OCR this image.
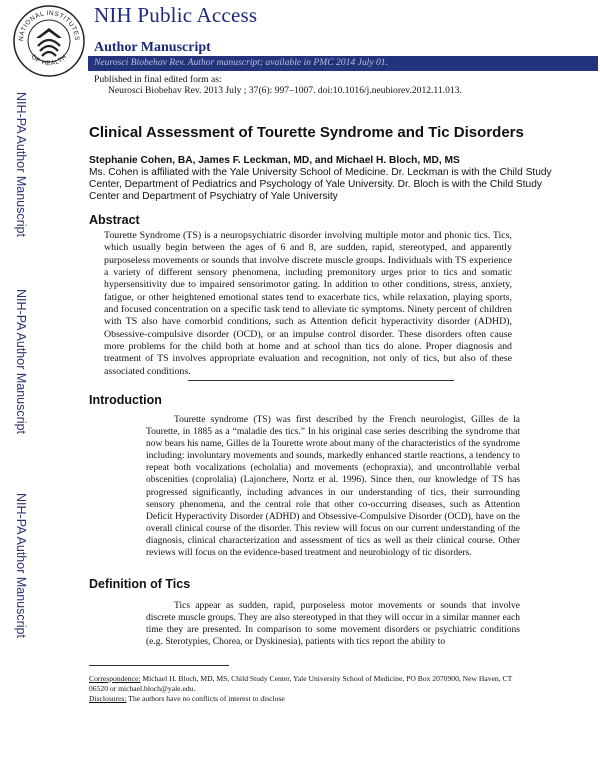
NATIONAL INSTITUTES
OF HEALTH
NIH Public Access
Author Manuscript
Neurosci Biobehav Rev. Author manuscript; available in PMC 2014 July 01.
Published in final edited form as:
Neurosci Biobehav Rev. 2013 July ; 37(6): 997–1007. doi:10.1016/j.neubiorev.2012.11.013.
NIH-PA Author Manuscript
NIH-PA Author Manuscript
NIH-PA Author Manuscript
Clinical Assessment of Tourette Syndrome and Tic Disorders
Stephanie Cohen, BA, James F. Leckman, MD, and Michael H. Bloch, MD, MS
Ms. Cohen is affiliated with the Yale University School of Medicine. Dr. Leckman is with the Child Study Center, Department of Pediatrics and Psychology of Yale University. Dr. Bloch is with the Child Study Center and Department of Psychiatry of Yale University
Abstract
Tourette Syndrome (TS) is a neuropsychiatric disorder involving multiple motor and phonic tics. Tics, which usually begin between the ages of 6 and 8, are sudden, rapid, stereotyped, and apparently purposeless movements or sounds that involve discrete muscle groups. Individuals with TS experience a variety of different sensory phenomena, including premonitory urges prior to tics and somatic hypersensitivity due to impaired sensorimotor gating. In addition to other conditions, stress, anxiety, fatigue, or other heightened emotional states tend to exacerbate tics, while relaxation, playing sports, and focused concentration on a specific task tend to alleviate tic symptoms. Ninety percent of children with TS also have comorbid conditions, such as Attention deficit hyperactivity disorder (ADHD), Obsessive-compulsive disorder (OCD), or an impulse control disorder. These disorders often cause more problems for the child both at home and at school than tics do alone. Proper diagnosis and treatment of TS involves appropriate evaluation and recognition, not only of tics, but also of these associated conditions.
Introduction
Tourette syndrome (TS) was first described by the French neurologist, Gilles de la Tourette, in 1885 as a “maladie des tics.” In his original case series describing the syndrome that now bears his name, Gilles de la Tourette wrote about many of the characteristics of the syndrome including: involuntary movements and sounds, markedly enhanced startle reactions, a tendency to repeat both vocalizations (echolalia) and movements (echopraxia), and uncontrollable verbal obscenities (coprolalia) (Lajonchere, Nortz et al. 1996). Since then, our knowledge of TS has progressed significantly, including advances in our understanding of tics, their surrounding sensory phenomena, and the central role that other co-occurring diseases, such as Attention Deficit Hyperactivity Disorder (ADHD) and Obsessive-Compulsive Disorder (OCD), have on the overall clinical course of the disorder. This review will focus on our current understanding of the diagnosis, clinical characterization and assessment of tics as well as their clinical course. Other reviews will focus on the evidence-based treatment and neurobiology of tic disorders.
Definition of Tics
Tics appear as sudden, rapid, purposeless motor movements or sounds that involve discrete muscle groups. They are also stereotyped in that they will occur in a similar manner each time they are presented. In comparison to some movement disorders or psychiatric conditions (e.g. Sterotypies, Chorea, or Dyskinesia), patients with tics report the ability to
Correspondence: Michael H. Bloch, MD, MS, Child Study Center, Yale University School of Medicine, PO Box 2070900, New Haven, CT 06520 or michael.bloch@yale.edu.
Disclosures: The authors have no conflicts of interest to disclose
